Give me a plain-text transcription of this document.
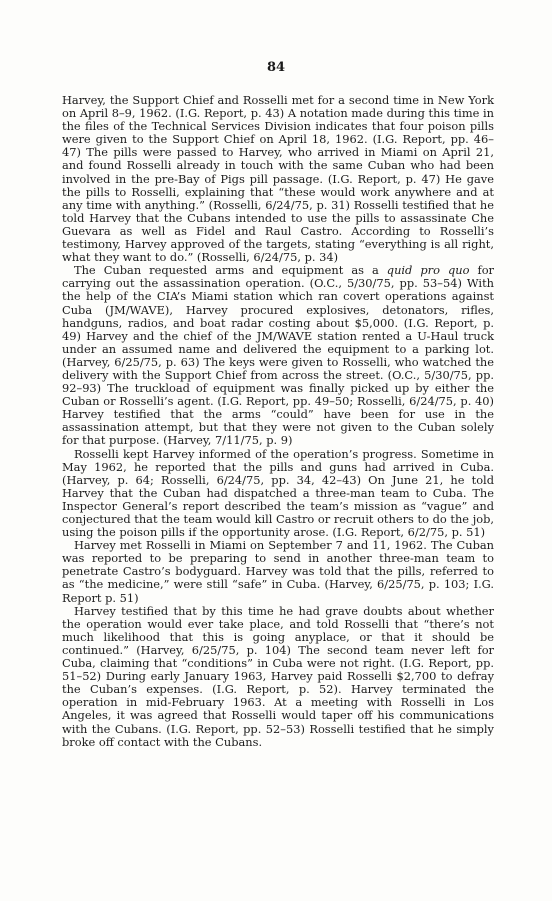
84

Harvey, the Support Chief and Rosselli met for a second time in New York on April 8–9, 1962. (I.G. Report, p. 43) A notation made during this time in the files of the Technical Services Division indicates that four poison pills were given to the Support Chief on April 18, 1962. (I.G. Report, pp. 46–47) The pills were passed to Harvey, who arrived in Miami on April 21, and found Rosselli already in touch with the same Cuban who had been involved in the pre-Bay of Pigs pill passage. (I.G. Report, p. 47) He gave the pills to Rosselli, explaining that “these would work anywhere and at any time with anything.” (Rosselli, 6/24/75, p. 31) Rosselli testified that he told Harvey that the Cubans intended to use the pills to assassinate Che Guevara as well as Fidel and Raul Castro. According to Rosselli’s testimony, Harvey approved of the targets, stating “everything is all right, what they want to do.” (Rosselli, 6/24/75, p. 34)

The Cuban requested arms and equipment as a quid pro quo for carrying out the assassination operation. (O.C., 5/30/75, pp. 53–54) With the help of the CIA’s Miami station which ran covert operations against Cuba (JM/WAVE), Harvey procured explosives, detonators, rifles, handguns, radios, and boat radar costing about $5,000. (I.G. Report, p. 49) Harvey and the chief of the JM/WAVE station rented a U-Haul truck under an assumed name and delivered the equipment to a parking lot. (Harvey, 6/25/75, p. 63) The keys were given to Rosselli, who watched the delivery with the Support Chief from across the street. (O.C., 5/30/75, pp. 92–93) The truckload of equipment was finally picked up by either the Cuban or Rosselli’s agent. (I.G. Report, pp. 49–50; Rosselli, 6/24/75, p. 40) Harvey testified that the arms “could” have been for use in the assassination attempt, but that they were not given to the Cuban solely for that purpose. (Harvey, 7/11/75, p. 9)

Rosselli kept Harvey informed of the operation’s progress. Sometime in May 1962, he reported that the pills and guns had arrived in Cuba. (Harvey, p. 64; Rosselli, 6/24/75, pp. 34, 42–43) On June 21, he told Harvey that the Cuban had dispatched a three-man team to Cuba. The Inspector General’s report described the team’s mission as “vague” and conjectured that the team would kill Castro or recruit others to do the job, using the poison pills if the opportunity arose. (I.G. Report, 6/2/75, p. 51)

Harvey met Rosselli in Miami on September 7 and 11, 1962. The Cuban was reported to be preparing to send in another three-man team to penetrate Castro’s bodyguard. Harvey was told that the pills, referred to as “the medicine,” were still “safe” in Cuba. (Harvey, 6/25/75, p. 103; I.G. Report p. 51)

Harvey testified that by this time he had grave doubts about whether the operation would ever take place, and told Rosselli that “there’s not much likelihood that this is going anyplace, or that it should be continued.” (Harvey, 6/25/75, p. 104) The second team never left for Cuba, claiming that “conditions” in Cuba were not right. (I.G. Report, pp. 51–52) During early January 1963, Harvey paid Rosselli $2,700 to defray the Cuban’s expenses. (I.G. Report, p. 52). Harvey terminated the operation in mid-February 1963. At a meeting with Rosselli in Los Angeles, it was agreed that Rosselli would taper off his communications with the Cubans. (I.G. Report, pp. 52–53) Rosselli testified that he simply broke off contact with the Cubans.
